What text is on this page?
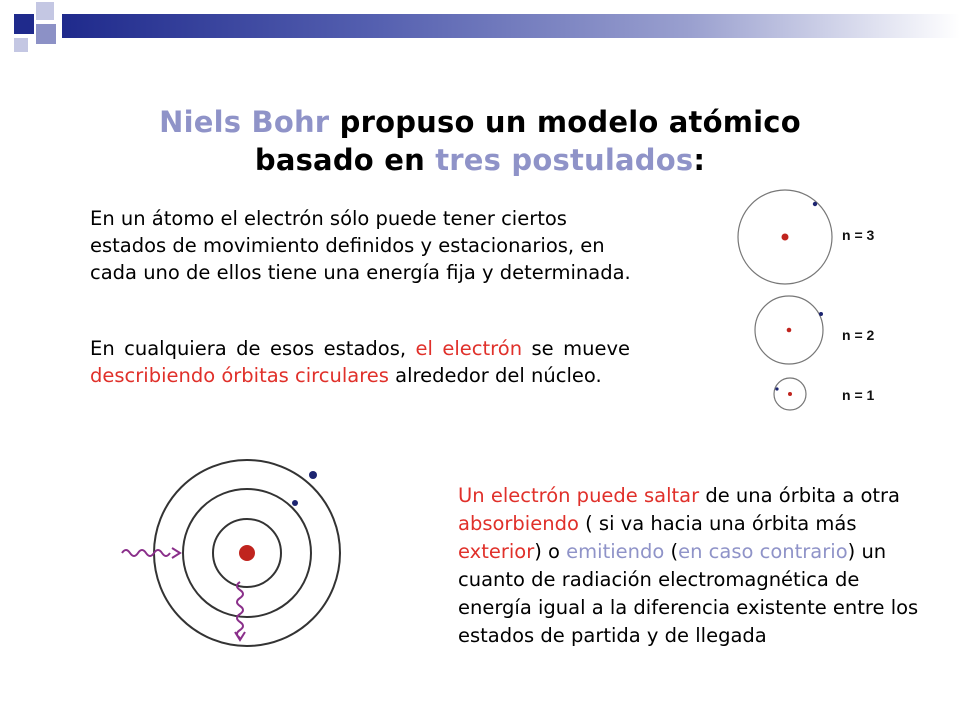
Niels Bohr propuso un modelo atómico
basado en tres postulados:
En un átomo el electrón sólo puede tener ciertos estados de movimiento definidos y estacionarios, en cada uno de ellos tiene una energía fija y determinada.
En cualquiera de esos estados, el electrón se mueve describiendo órbitas circulares alrededor del núcleo.
Un electrón puede saltar de una órbita a otra absorbiendo ( si va hacia una órbita más exterior) o emitiendo (en caso contrario) un cuanto de radiación electromagnética de energía igual a la diferencia existente entre los estados de partida y de llegada
n = 3
n = 2
n = 1
